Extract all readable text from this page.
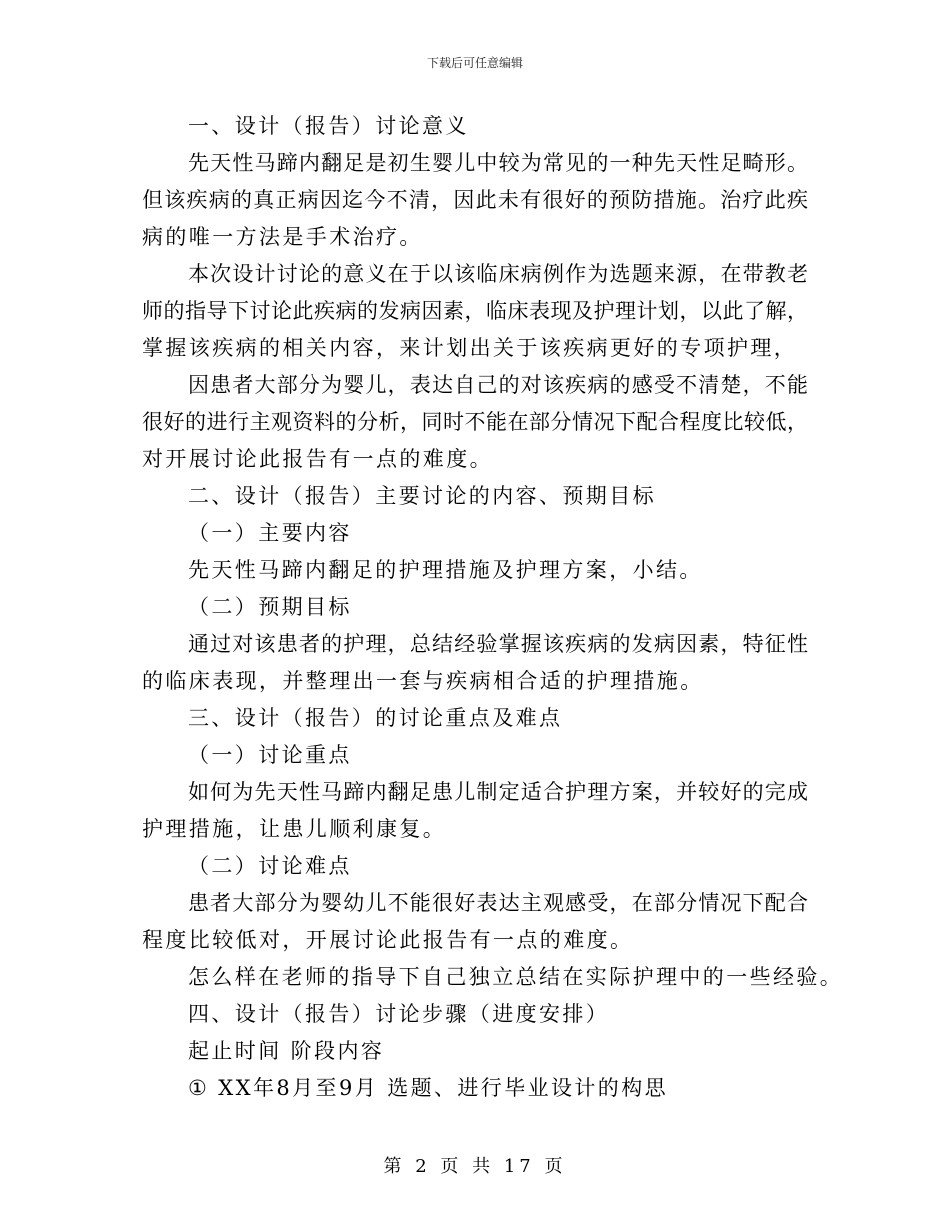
下载后可任意编辑
一、设计（报告）讨论意义
先天性马蹄内翻足是初生婴儿中较为常见的一种先天性足畸形。
但该疾病的真正病因迄今不清，因此未有很好的预防措施。治疗此疾
病的唯一方法是手术治疗。
本次设计讨论的意义在于以该临床病例作为选题来源，在带教老
师的指导下讨论此疾病的发病因素，临床表现及护理计划，以此了解，
掌握该疾病的相关内容，来计划出关于该疾病更好的专项护理，
因患者大部分为婴儿，表达自己的对该疾病的感受不清楚，不能
很好的进行主观资料的分析，同时不能在部分情况下配合程度比较低，
对开展讨论此报告有一点的难度。
二、设计（报告）主要讨论的内容、预期目标
（一）主要内容
先天性马蹄内翻足的护理措施及护理方案，小结。
（二）预期目标
通过对该患者的护理，总结经验掌握该疾病的发病因素，特征性
的临床表现，并整理出一套与疾病相合适的护理措施。
三、设计（报告）的讨论重点及难点
（一）讨论重点
如何为先天性马蹄内翻足患儿制定适合护理方案，并较好的完成
护理措施，让患儿顺利康复。
（二）讨论难点
患者大部分为婴幼儿不能很好表达主观感受，在部分情况下配合
程度比较低对，开展讨论此报告有一点的难度。
怎么样在老师的指导下自己独立总结在实际护理中的一些经验。
四、设计（报告）讨论步骤（进度安排）
起止时间 阶段内容
① XX年8月至9月 选题、进行毕业设计的构思
第 2 页 共 17 页
